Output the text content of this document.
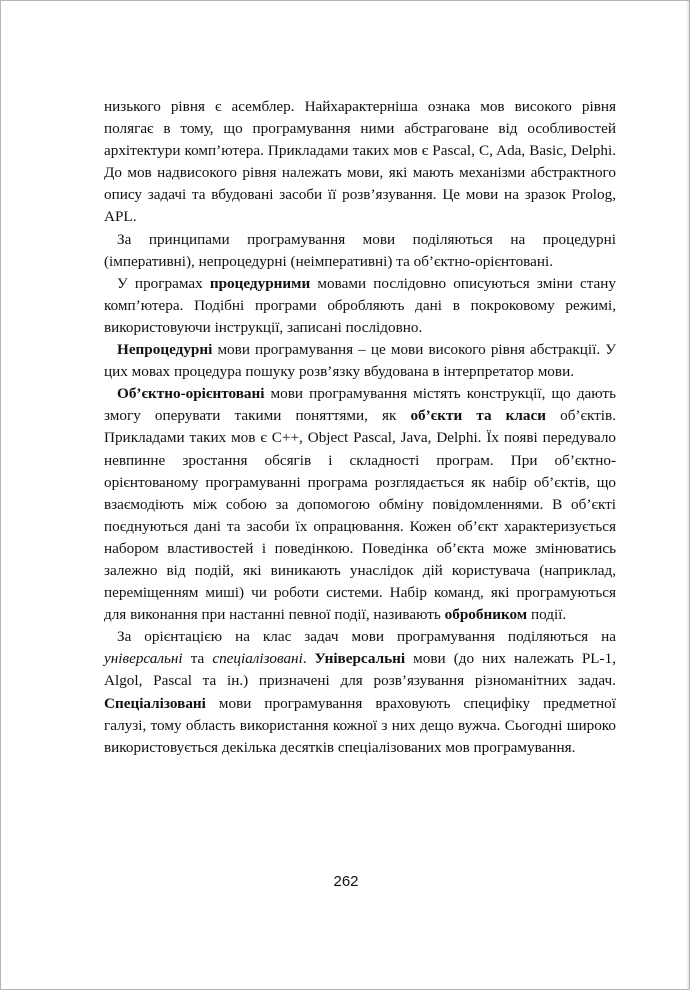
низького рівня є асемблер. Найхарактерніша ознака мов високого рівня полягає в тому, що програмування ними абстраговане від особливостей архітектури комп’ютера. Прикладами таких мов є Pascal, C, Ada, Basic, Delphi. До мов надвисокого рівня належать мови, які мають механізми абстрактного опису задачі та вбудовані засоби її розв’язування. Це мови на зразок Prolog, APL.

За принципами програмування мови поділяються на процедурні (імперативні), непроцедурні (неімперативні) та об’єктно-орієнтовані.

У програмах процедурними мовами послідовно описуються зміни стану комп’ютера. Подібні програми обробляють дані в покроковому режимі, використовуючи інструкції, записані послідовно.

Непроцедурні мови програмування – це мови високого рівня абстракції. У цих мовах процедура пошуку розв’язку вбудована в інтерпретатор мови.

Об’єктно-орієнтовані мови програмування містять конструкції, що дають змогу оперувати такими поняттями, як об’єкти та класи об’єктів. Прикладами таких мов є C++, Object Pascal, Java, Delphi. Їх появі передувало невпинне зростання обсягів і складності програм. При об’єктно-орієнтованому програмуванні програма розглядається як набір об’єктів, що взаємодіють між собою за допомогою обміну повідомленнями. В об’єкті поєднуються дані та засоби їх опрацювання. Кожен об’єкт характеризується набором властивостей і поведінкою. Поведінка об’єкта може змінюватись залежно від подій, які виникають унаслідок дій користувача (наприклад, переміщенням миші) чи роботи системи. Набір команд, які програмуються для виконання при настанні певної події, називають обробником події.

За орієнтацією на клас задач мови програмування поділяються на універсальні та спеціалізовані. Універсальні мови (до них належать PL-1, Algol, Pascal та ін.) призначені для розв’язування різноманітних задач. Спеціалізовані мови програмування враховують специфіку предметної галузі, тому область використання кожної з них дещо вужча. Сьогодні широко використовується декілька десятків спеціалізованих мов програмування.

262
